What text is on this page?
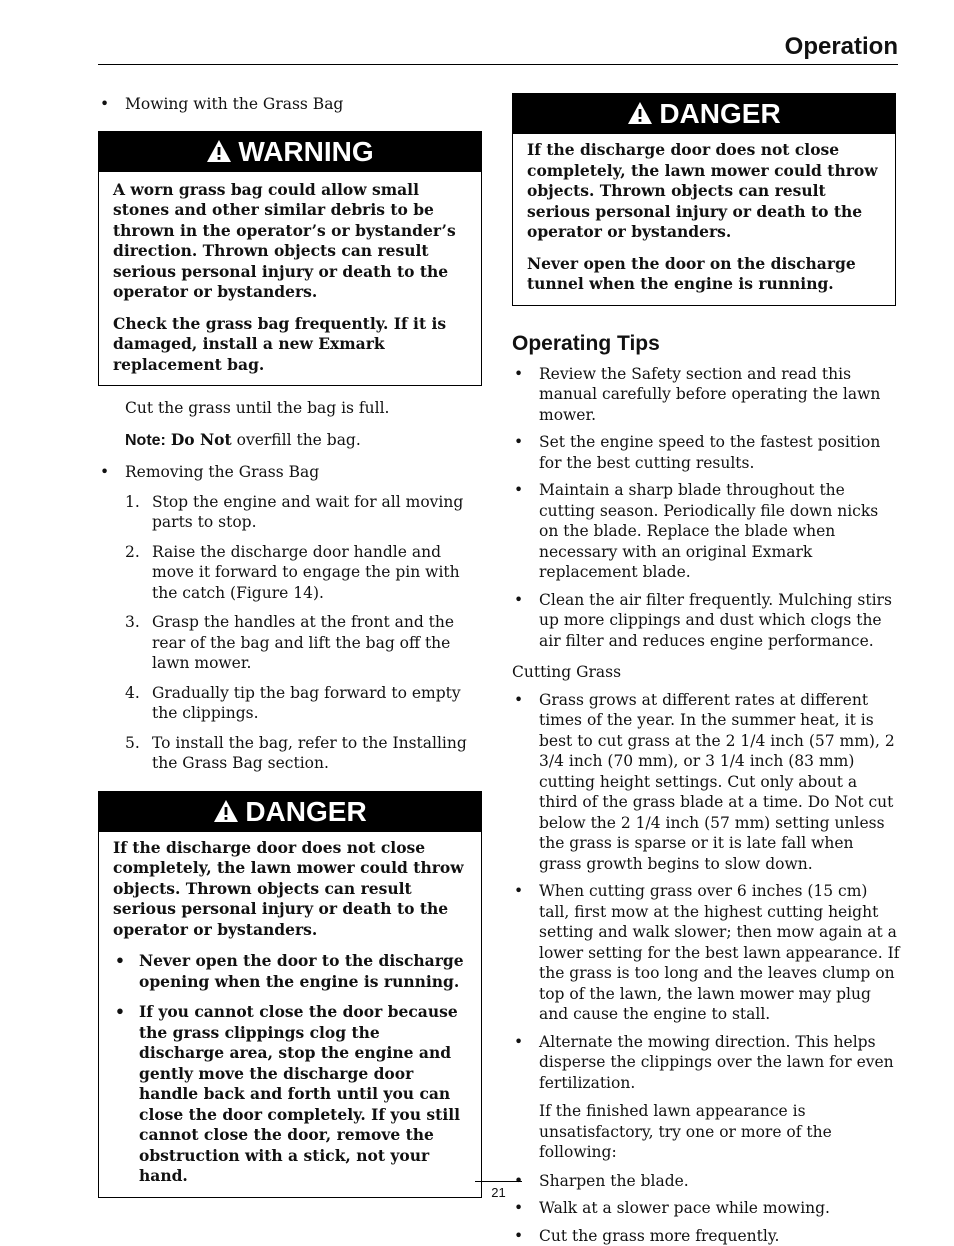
Operation
• Mowing with the Grass Bag
WARNING

A worn grass bag could allow small stones and other similar debris to be thrown in the operator’s or bystander’s direction. Thrown objects can result serious personal injury or death to the operator or bystanders.

Check the grass bag frequently. If it is damaged, install a new Exmark replacement bag.

Cut the grass until the bag is full.

Note: Do Not overfill the bag.

• Removing the Grass Bag
1. Stop the engine and wait for all moving parts to stop.
2. Raise the discharge door handle and move it forward to engage the pin with the catch (Figure 14).
3. Grasp the handles at the front and the rear of the bag and lift the bag off the lawn mower.
4. Gradually tip the bag forward to empty the clippings.
5. To install the bag, refer to the Installing the Grass Bag section.
DANGER

If the discharge door does not close completely, the lawn mower could throw objects. Thrown objects can result serious personal injury or death to the operator or bystanders.

• Never open the door to the discharge opening when the engine is running.
• If you cannot close the door because the grass clippings clog the discharge area, stop the engine and gently move the discharge door handle back and forth until you can close the door completely. If you still cannot close the door, remove the obstruction with a stick, not your hand.
DANGER

If the discharge door does not close completely, the lawn mower could throw objects. Thrown objects can result serious personal injury or death to the operator or bystanders.

Never open the door on the discharge tunnel when the engine is running.

Operating Tips
• Review the Safety section and read this manual carefully before operating the lawn mower.
• Set the engine speed to the fastest position for the best cutting results.
• Maintain a sharp blade throughout the cutting season. Periodically file down nicks on the blade. Replace the blade when necessary with an original Exmark replacement blade.
• Clean the air filter frequently. Mulching stirs up more clippings and dust which clogs the air filter and reduces engine performance.

Cutting Grass

• Grass grows at different rates at different times of the year. In the summer heat, it is best to cut grass at the 2 1/4 inch (57 mm), 2 3/4 inch (70 mm), or 3 1/4 inch (83 mm) cutting height settings. Cut only about a third of the grass blade at a time. Do Not cut below the 2 1/4 inch (57 mm) setting unless the grass is sparse or it is late fall when grass growth begins to slow down.
• When cutting grass over 6 inches (15 cm) tall, first mow at the highest cutting height setting and walk slower; then mow again at a lower setting for the best lawn appearance. If the grass is too long and the leaves clump on top of the lawn, the lawn mower may plug and cause the engine to stall.
• Alternate the mowing direction. This helps disperse the clippings over the lawn for even fertilization.

If the finished lawn appearance is unsatisfactory, try one or more of the following:

• Sharpen the blade.
• Walk at a slower pace while mowing.
• Cut the grass more frequently.
21
